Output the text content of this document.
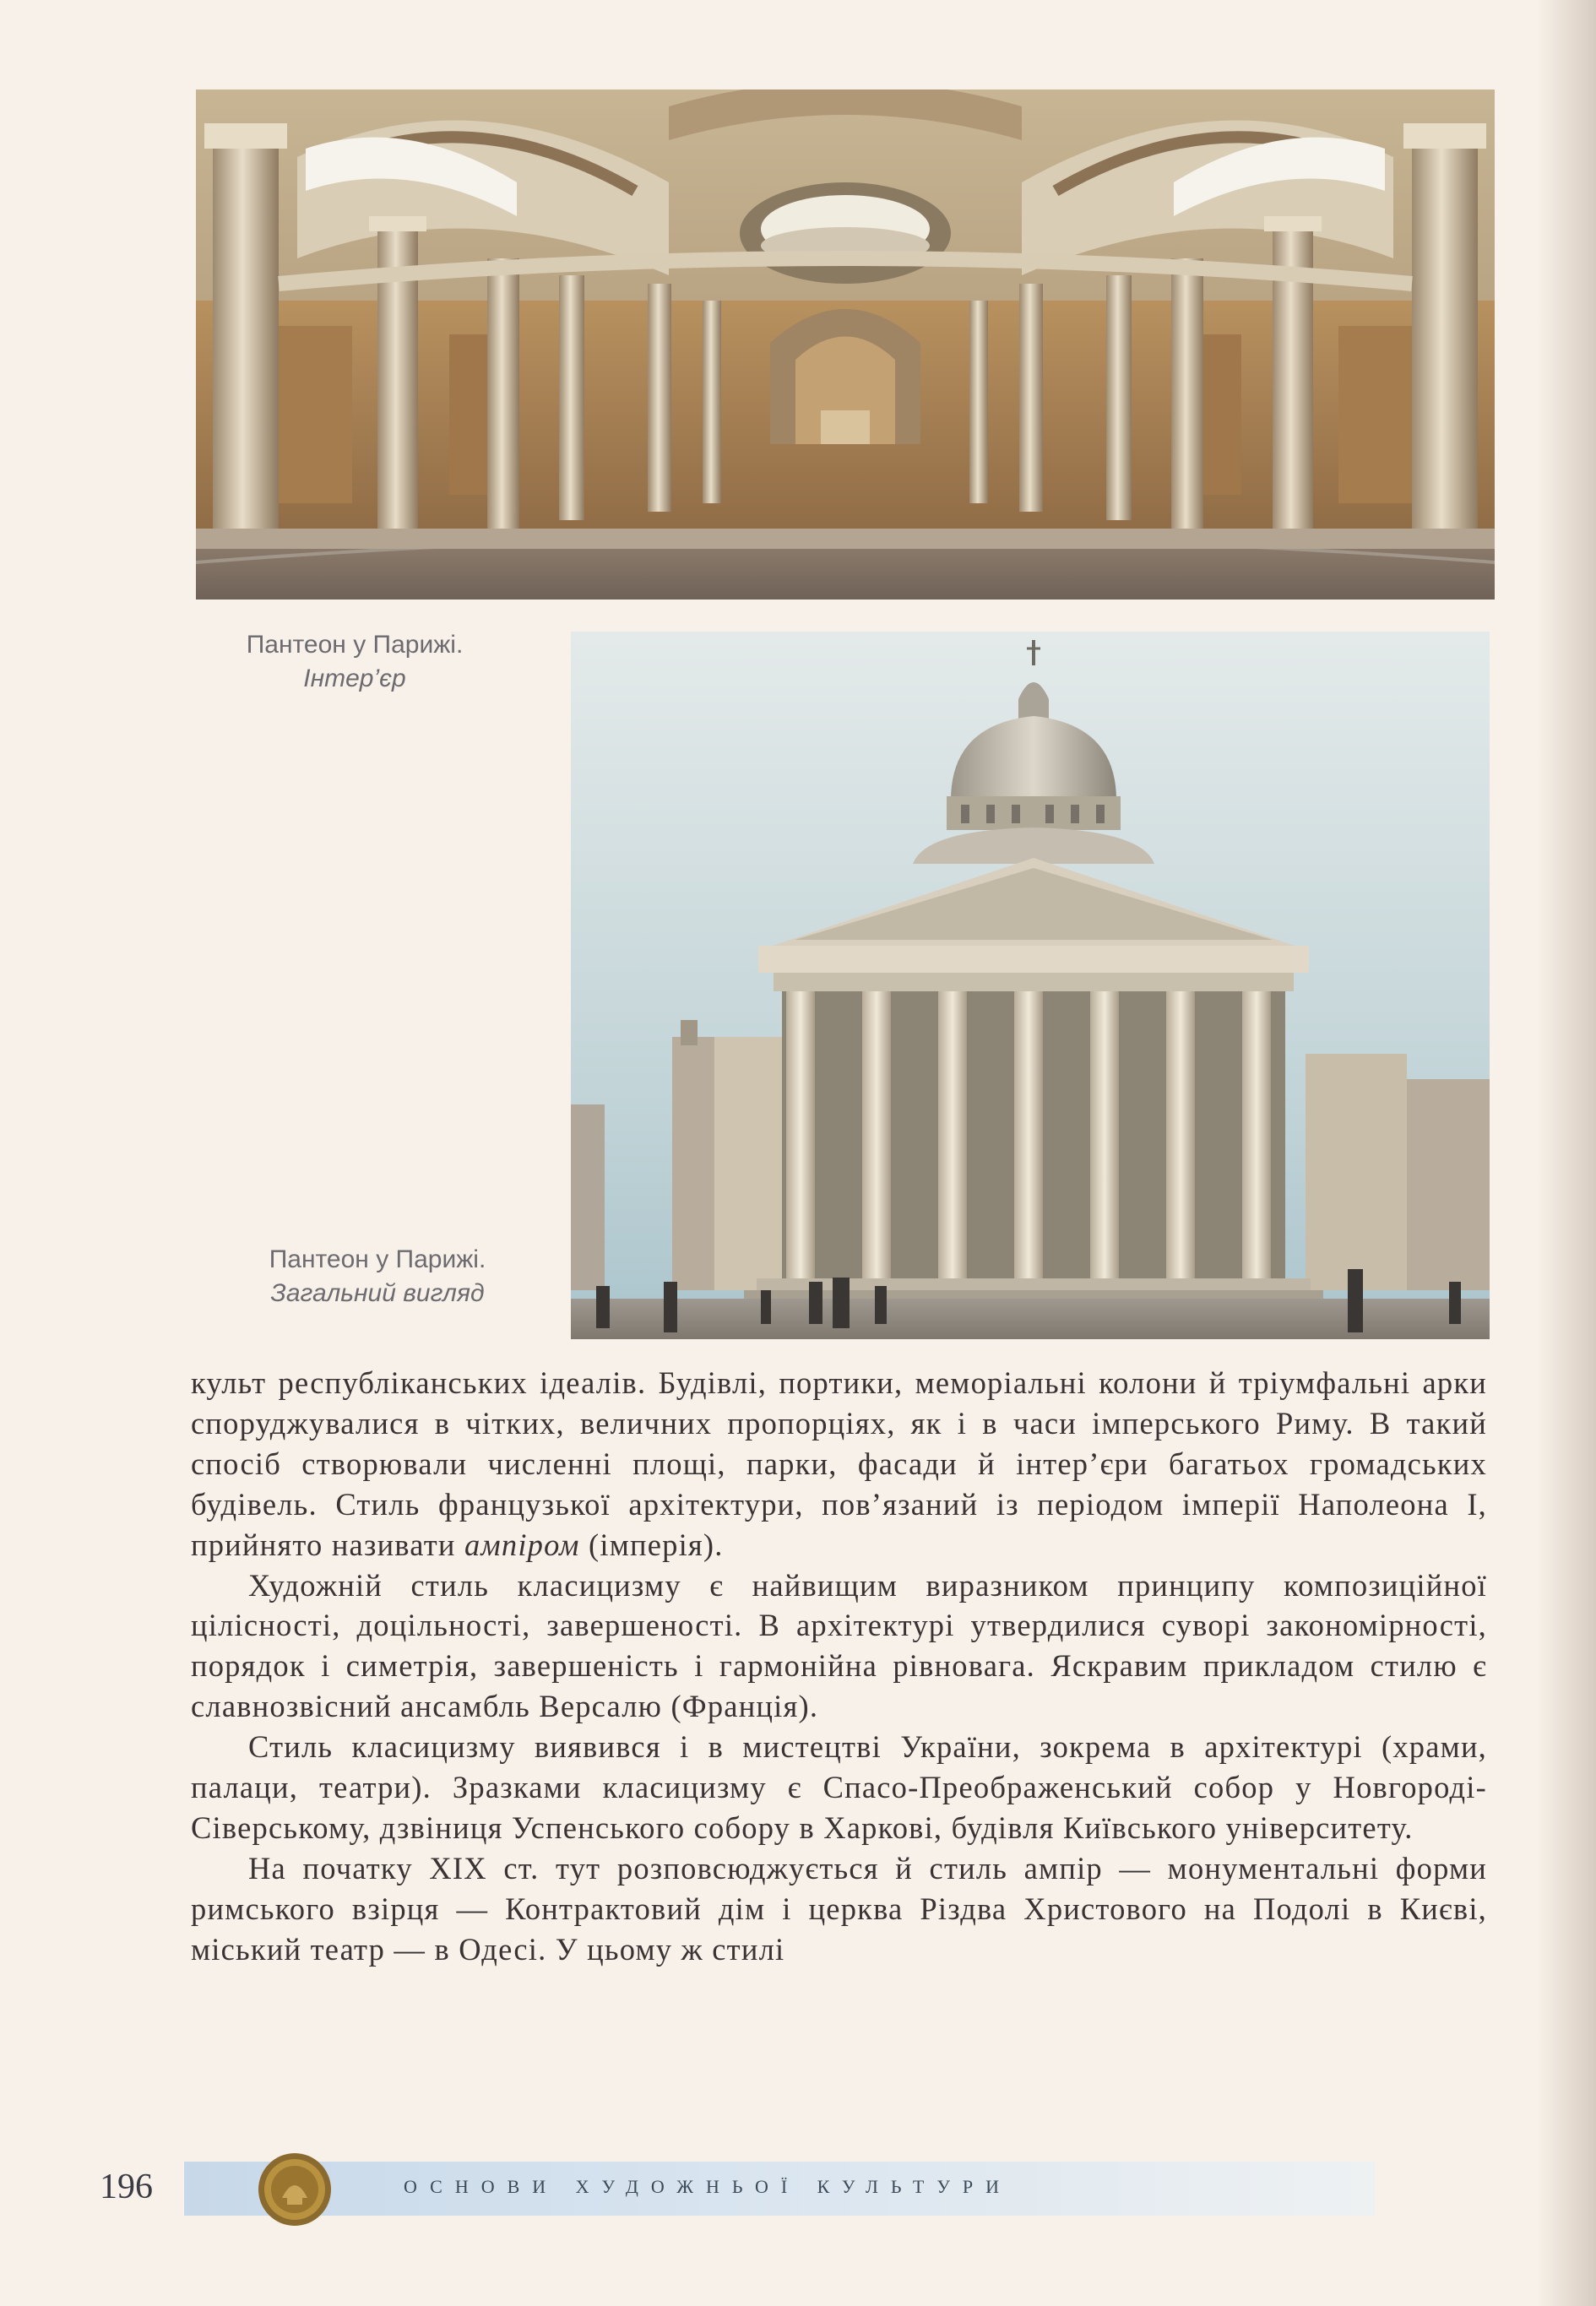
Пантеон у Парижі.
Інтер’єр
Пантеон у Парижі.
Загальний вигляд

культ республіканських ідеалів. Будівлі, портики, меморіальні колони й тріумфальні арки споруджувалися в чітких, величних пропорціях, як і в часи імперського Риму. В такий спосіб створювали численні площі, парки, фасади й інтер’єри багатьох громадських будівель. Стиль французької архітектури, пов’язаний із періодом імперії Наполеона І, прийнято називати ампіром (імперія).

Художній стиль класицизму є найвищим виразником принципу композиційної цілісності, доцільності, завершеності. В архітектурі утвердилися суворі закономірності, порядок і симетрія, завершеність і гармонійна рівновага. Яскравим прикладом стилю є славнозвісний ансамбль Версалю (Франція).

Стиль класицизму виявився і в мистецтві України, зокрема в архітектурі (храми, палаци, театри). Зразками класицизму є Спасо-Преображенський собор у Новгороді-Сіверському, дзвіниця Успенського собору в Харкові, будівля Київського університету.

На початку XIX ст. тут розповсюджується й стиль ампір — монументальні форми римського взірця — Контрактовий дім і церква Різдва Христового на Подолі в Києві, міський театр — в Одесі. У цьому ж стилі

196	ОСНОВИ ХУДОЖНЬОЇ КУЛЬТУРИ
